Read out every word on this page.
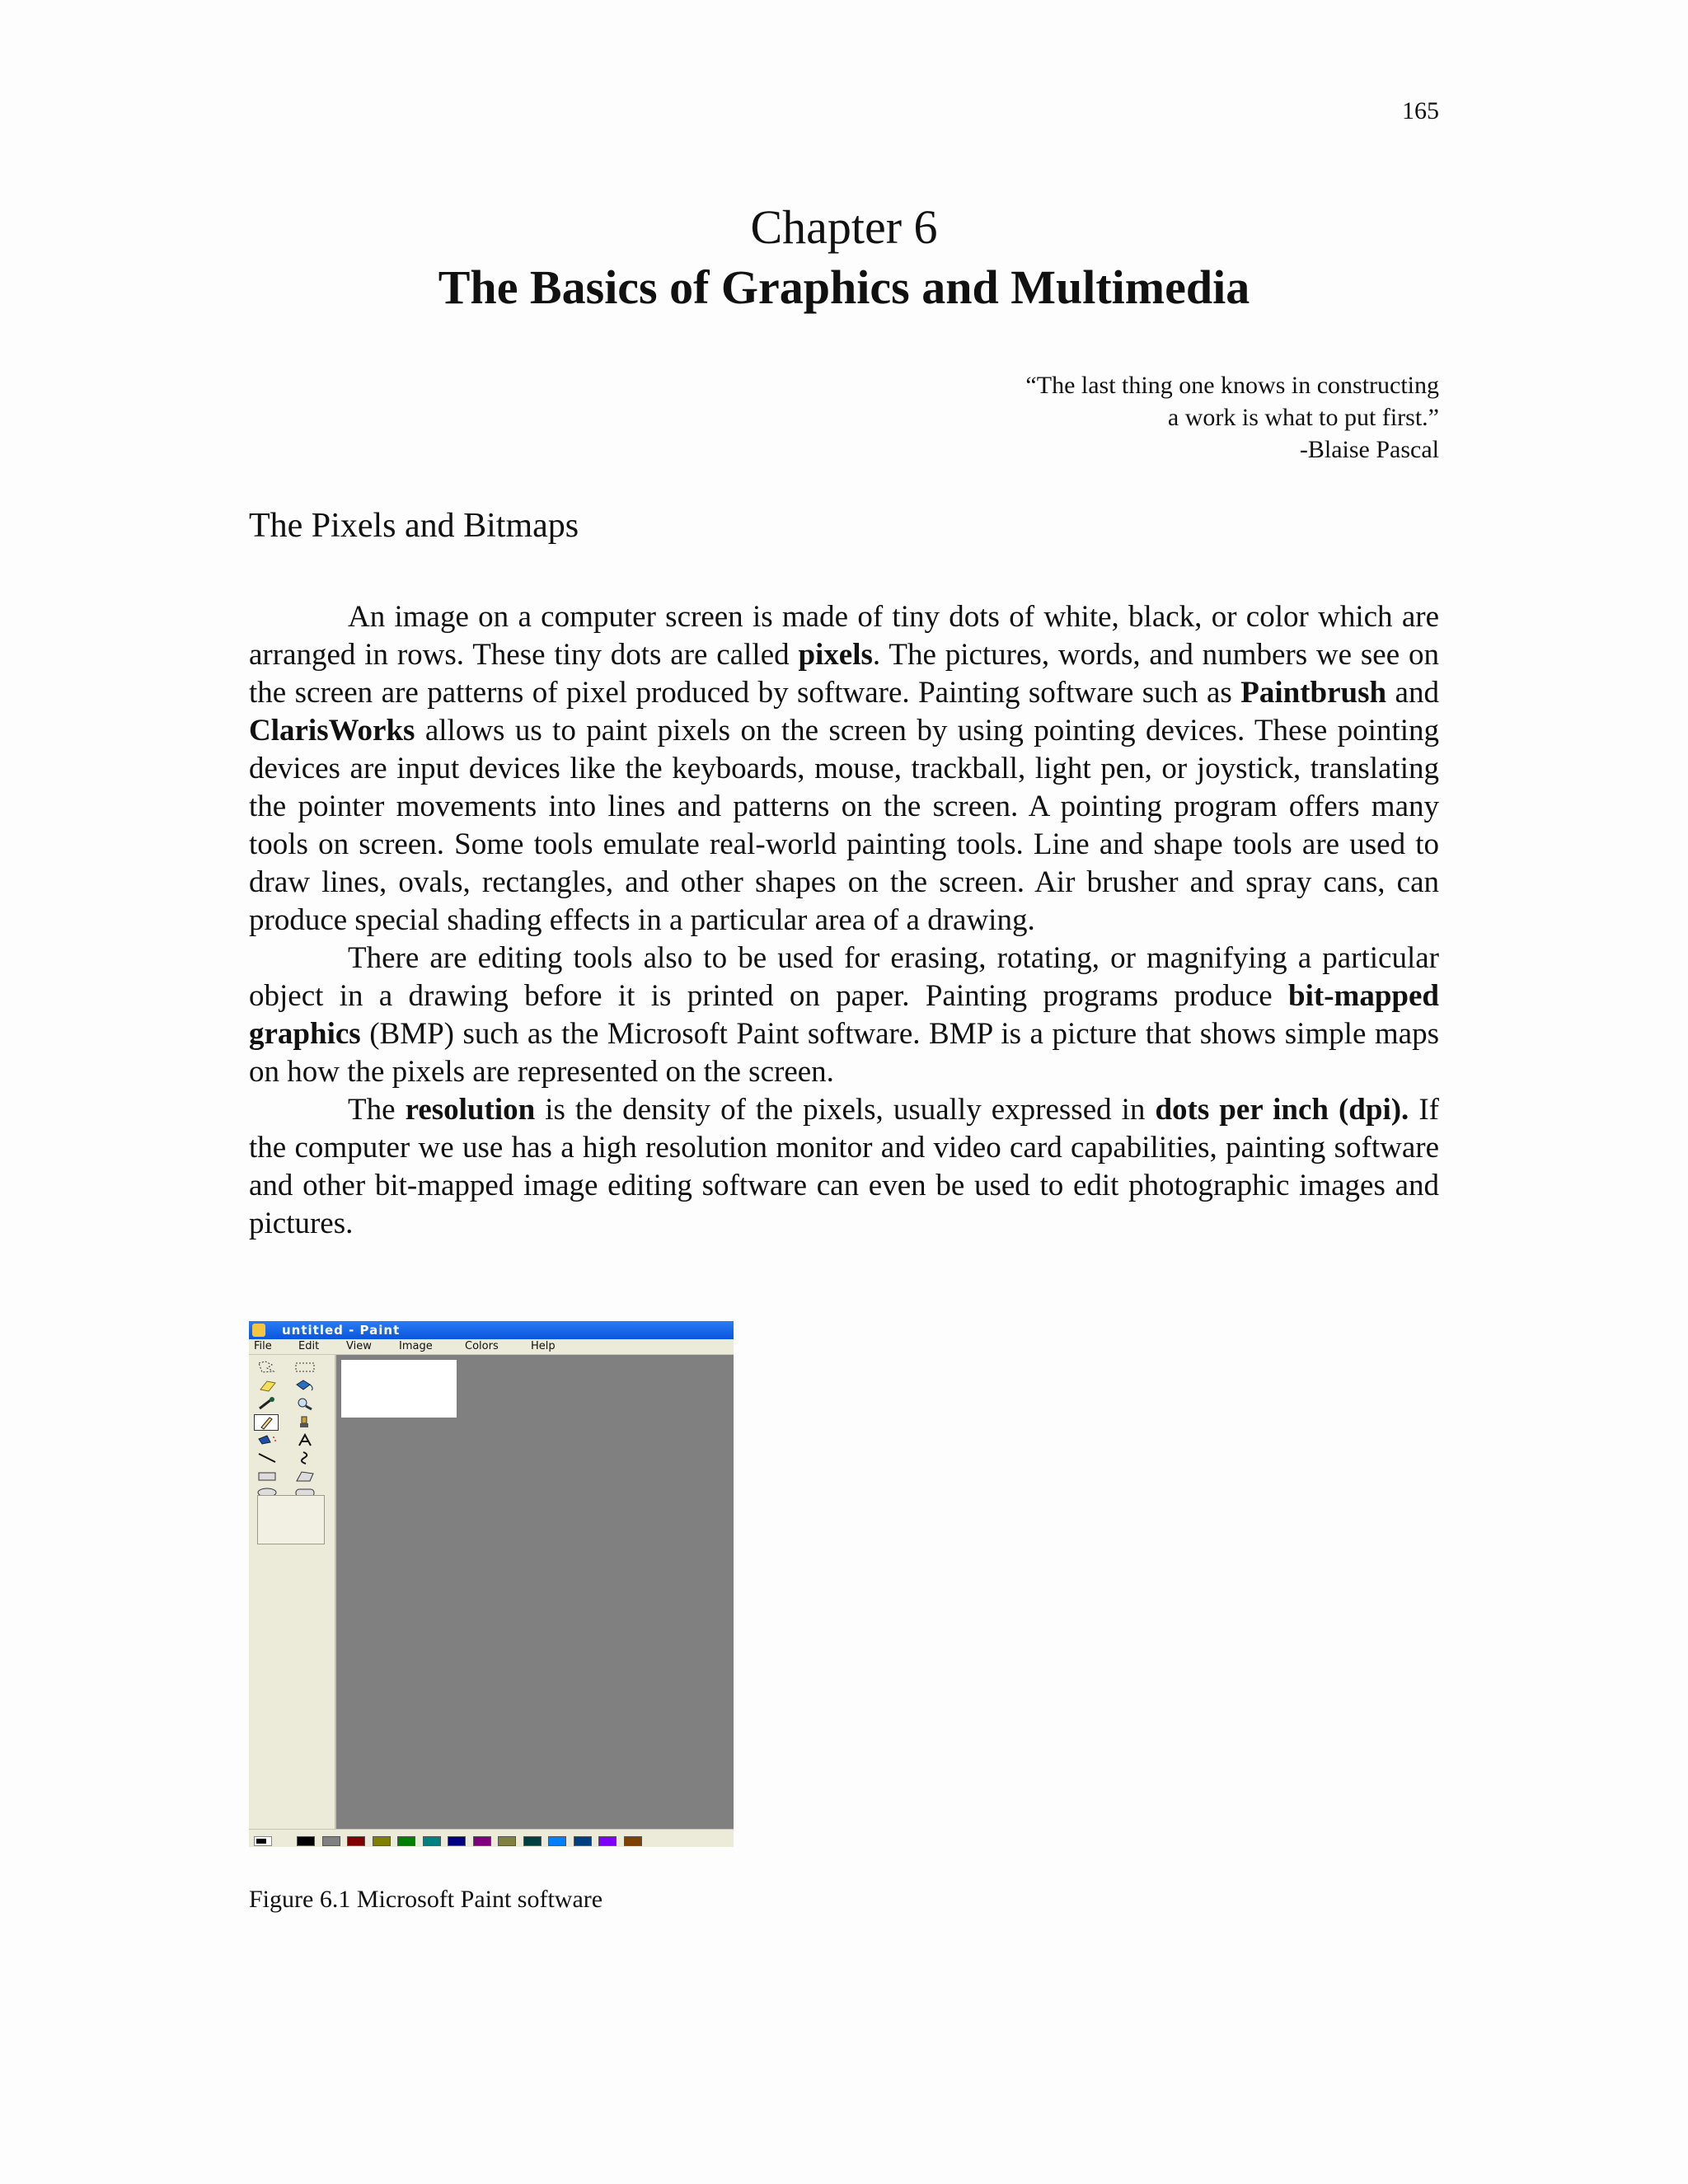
165
Chapter 6
The Basics of Graphics and Multimedia
“The last thing one knows in constructing
a work is what to put first.”
-Blaise Pascal
The Pixels and Bitmaps

An image on a computer screen is made of tiny dots of white, black, or color which are arranged in rows. These tiny dots are called pixels. The pictures, words, and numbers we see on the screen are patterns of pixel produced by software. Painting software such as Paintbrush and ClarisWorks allows us to paint pixels on the screen by using pointing devices. These pointing devices are input devices like the keyboards, mouse, trackball, light pen, or joystick, translating the pointer movements into lines and patterns on the screen. A pointing program offers many tools on screen. Some tools emulate real-world painting tools. Line and shape tools are used to draw lines, ovals, rectangles, and other shapes on the screen. Air brusher and spray cans, can produce special shading effects in a particular area of a drawing.

There are editing tools also to be used for erasing, rotating, or magnifying a particular object in a drawing before it is printed on paper. Painting programs produce bit-mapped graphics (BMP) such as the Microsoft Paint software. BMP is a picture that shows simple maps on how the pixels are represented on the screen.

The resolution is the density of the pixels, usually expressed in dots per inch (dpi). If the computer we use has a high resolution monitor and video card capabilities, painting software and other bit-mapped image editing software can even be used to edit photographic images and pictures.

untitled - Paint
File Edit	View	Image	Colors	Help
Figure 6.1 Microsoft Paint software
